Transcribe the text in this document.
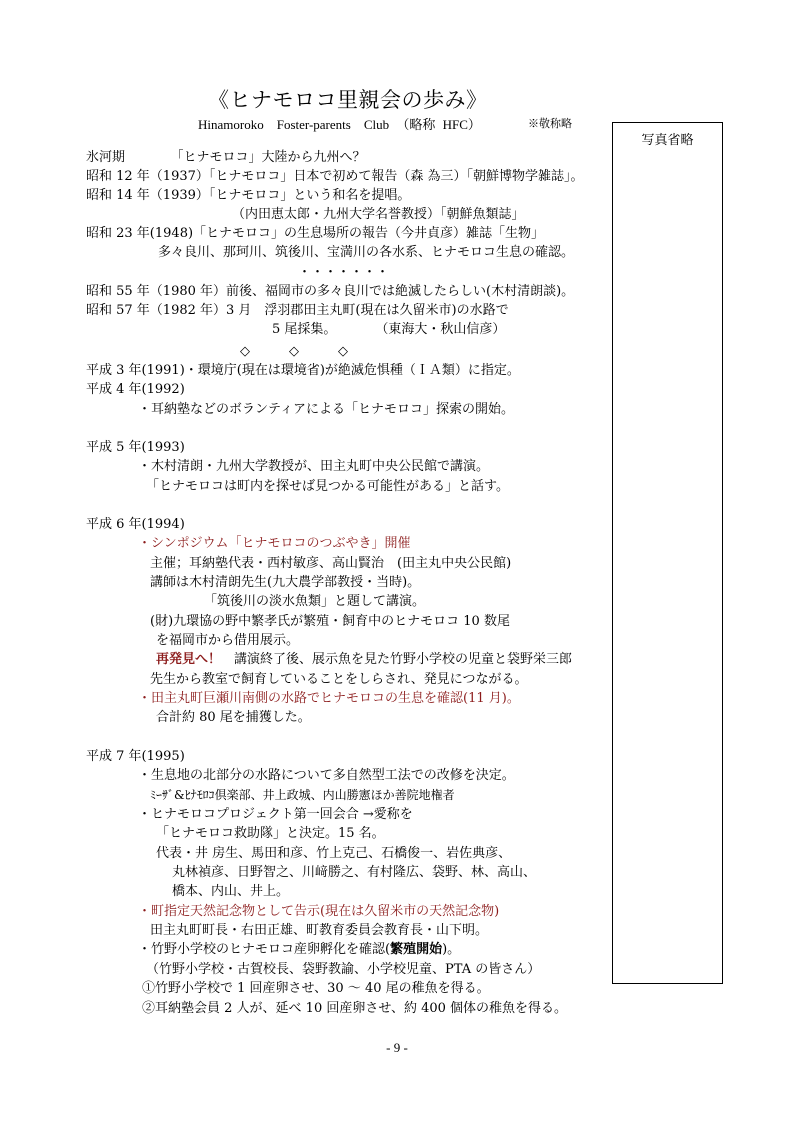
《ヒナモロコ里親会の歩み》
Hinamoroko　Foster-parents　Club （略称 HFC）	※敬称略
写真省略
氷河期　　　　「ヒナモロコ」大陸から九州へ？
昭和 12 年（1937）「ヒナモロコ」日本で初めて報告（森 為三）「朝鮮博物学雑誌」。
昭和 14 年（1939）「ヒナモロコ」という和名を提唱。
（内田恵太郎・九州大学名誉教授）「朝鮮魚類誌」
昭和 23 年(1948)「ヒナモロコ」の生息場所の報告（今井貞彦）雑誌「生物」
多々良川、那珂川、筑後川、宝満川の各水系、ヒナモロコ生息の確認。
・・・・・・・
昭和 55 年（1980 年）前後、福岡市の多々良川では絶滅したらしい(木村清朗談)。
昭和 57 年（1982 年）3 月　浮羽郡田主丸町(現在は久留米市)の水路で
5 尾採集。　　　　（東海大・秋山信彦）
◇　　　◇　　　◇
平成 3 年(1991)・環境庁(現在は環境省)が絶滅危惧種（ＩＡ類）に指定。
平成 4 年(1992)
・耳納塾などのボランティアによる「ヒナモロコ」探索の開始。
平成 5 年(1993)
・木村清朗・九州大学教授が、田主丸町中央公民館で講演。
「ヒナモロコは町内を探せば見つかる可能性がある」と話す。
平成 6 年(1994)
・シンポジウム「ヒナモロコのつぶやき」開催
主催；耳納塾代表・西村敏彦、高山賢治　(田主丸中央公民館)
講師は木村清朗先生(九大農学部教授・当時)。
「筑後川の淡水魚類」と題して講演。
(財)九環協の野中繁孝氏が繁殖・飼育中のヒナモロコ 10 数尾
を福岡市から借用展示。
再発見へ！　講演終了後、展示魚を見た竹野小学校の児童と袋野栄三郎
先生から教室で飼育していることをしらされ、発見につながる。
・田主丸町巨瀬川南側の水路でヒナモロコの生息を確認(11 月)。
合計約 80 尾を捕獲した。
平成 7 年(1995)
・生息地の北部分の水路について多自然型工法での改修を決定。
ﾐｰｻﾞ&ﾋﾅﾓﾛｺ倶楽部、井上政城、内山勝憲ほか善院地権者
・ヒナモロコプロジェクト第一回会合 →愛称を
「ヒナモロコ救助隊」と決定。15 名。
代表・井 房生、馬田和彦、竹上克己、石橋俊一、岩佐典彦、
丸林禎彦、日野智之、川﨑勝之、有村隆広、袋野、林、高山、
橋本、内山、井上。
・町指定天然記念物として告示(現在は久留米市の天然記念物)
田主丸町町長・右田正雄、町教育委員会教育長・山下明。
・竹野小学校のヒナモロコ産卵孵化を確認(繁殖開始)。
（竹野小学校・古賀校長、袋野教諭、小学校児童、PTA の皆さん）
①竹野小学校で 1 回産卵させ、30 ～ 40 尾の稚魚を得る。
②耳納塾会員 2 人が、延べ 10 回産卵させ、約 400 個体の稚魚を得る。
- 9 -
